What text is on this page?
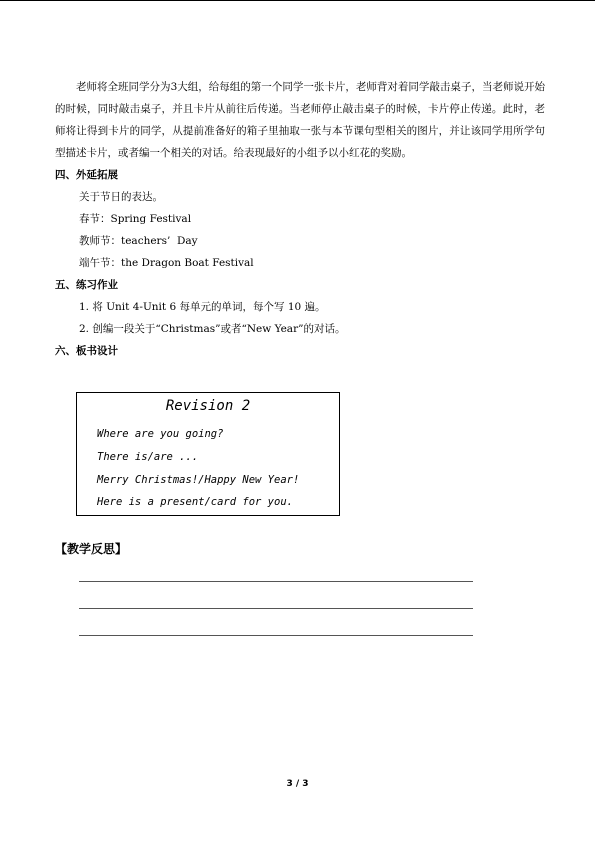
老师将全班同学分为3大组，给每组的第一个同学一张卡片，老师背对着同学敲击桌子，当老师说开始的时候，同时敲击桌子，并且卡片从前往后传递。当老师停止敲击桌子的时候，卡片停止传递。此时，老师将让得到卡片的同学，从提前准备好的箱子里抽取一张与本节课句型相关的图片，并让该同学用所学句型描述卡片，或者编一个相关的对话。给表现最好的小组予以小红花的奖励。

四、外延拓展

关于节日的表达。

春节：Spring Festival

教师节：teachers’  Day

端午节：the Dragon Boat Festival

五、练习作业

1. 将 Unit 4-Unit 6 每单元的单词，每个写 10 遍。

2. 创编一段关于“Christmas”或者“New Year”的对话。

六、板书设计

Revision 2
Where are you going?
There is/are ...
Merry Christmas!/Happy New Year!
Here is a present/card for you.
【教学反思】
3 / 3
